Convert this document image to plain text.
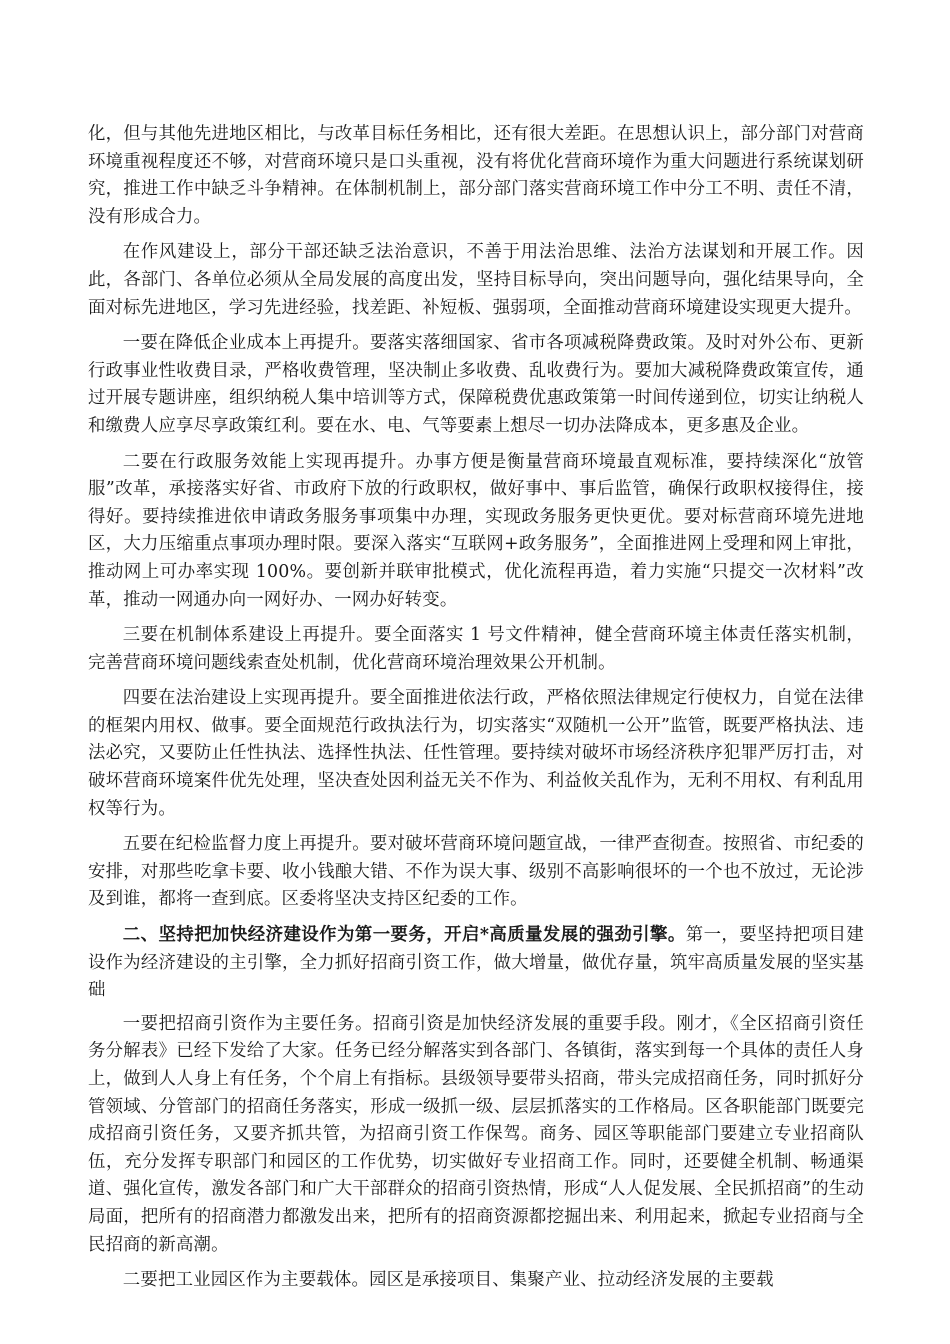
化，但与其他先进地区相比，与改革目标任务相比，还有很大差距。在思想认识上，部分部门对营商环境重视程度还不够，对营商环境只是口头重视，没有将优化营商环境作为重大问题进行系统谋划研究，推进工作中缺乏斗争精神。在体制机制上，部分部门落实营商环境工作中分工不明、责任不清，没有形成合力。

在作风建设上，部分干部还缺乏法治意识，不善于用法治思维、法治方法谋划和开展工作。因此，各部门、各单位必须从全局发展的高度出发，坚持目标导向，突出问题导向，强化结果导向，全面对标先进地区，学习先进经验，找差距、补短板、强弱项，全面推动营商环境建设实现更大提升。

一要在降低企业成本上再提升。要落实落细国家、省市各项减税降费政策。及时对外公布、更新行政事业性收费目录，严格收费管理，坚决制止多收费、乱收费行为。要加大减税降费政策宣传，通过开展专题讲座，组织纳税人集中培训等方式，保障税费优惠政策第一时间传递到位，切实让纳税人和缴费人应享尽享政策红利。要在水、电、气等要素上想尽一切办法降成本，更多惠及企业。

二要在行政服务效能上实现再提升。办事方便是衡量营商环境最直观标准，要持续深化“放管服”改革，承接落实好省、市政府下放的行政职权，做好事中、事后监管，确保行政职权接得住，接得好。要持续推进依申请政务服务事项集中办理，实现政务服务更快更优。要对标营商环境先进地区，大力压缩重点事项办理时限。要深入落实“互联网+政务服务”，全面推进网上受理和网上审批，推动网上可办率实现 100%。要创新并联审批模式，优化流程再造，着力实施“只提交一次材料”改革，推动一网通办向一网好办、一网办好转变。

三要在机制体系建设上再提升。要全面落实 1 号文件精神，健全营商环境主体责任落实机制，完善营商环境问题线索查处机制，优化营商环境治理效果公开机制。

四要在法治建设上实现再提升。要全面推进依法行政，严格依照法律规定行使权力，自觉在法律的框架内用权、做事。要全面规范行政执法行为，切实落实“双随机一公开”监管，既要严格执法、违法必究，又要防止任性执法、选择性执法、任性管理。要持续对破坏市场经济秩序犯罪严厉打击，对破坏营商环境案件优先处理，坚决查处因利益无关不作为、利益攸关乱作为，无利不用权、有利乱用权等行为。

五要在纪检监督力度上再提升。要对破坏营商环境问题宣战，一律严查彻查。按照省、市纪委的安排，对那些吃拿卡要、收小钱酿大错、不作为误大事、级别不高影响很坏的一个也不放过，无论涉及到谁，都将一查到底。区委将坚决支持区纪委的工作。

二、坚持把加快经济建设作为第一要务，开启*高质量发展的强劲引擎。第一，要坚持把项目建设作为经济建设的主引擎，全力抓好招商引资工作，做大增量，做优存量，筑牢高质量发展的坚实基础

一要把招商引资作为主要任务。招商引资是加快经济发展的重要手段。刚才，《全区招商引资任务分解表》已经下发给了大家。任务已经分解落实到各部门、各镇街，落实到每一个具体的责任人身上，做到人人身上有任务，个个肩上有指标。县级领导要带头招商，带头完成招商任务，同时抓好分管领域、分管部门的招商任务落实，形成一级抓一级、层层抓落实的工作格局。区各职能部门既要完成招商引资任务，又要齐抓共管，为招商引资工作保驾。商务、园区等职能部门要建立专业招商队伍，充分发挥专职部门和园区的工作优势，切实做好专业招商工作。同时，还要健全机制、畅通渠道、强化宣传，激发各部门和广大干部群众的招商引资热情，形成“人人促发展、全民抓招商”的生动局面，把所有的招商潜力都激发出来，把所有的招商资源都挖掘出来、利用起来，掀起专业招商与全民招商的新高潮。

二要把工业园区作为主要载体。园区是承接项目、集聚产业、拉动经济发展的主要载
